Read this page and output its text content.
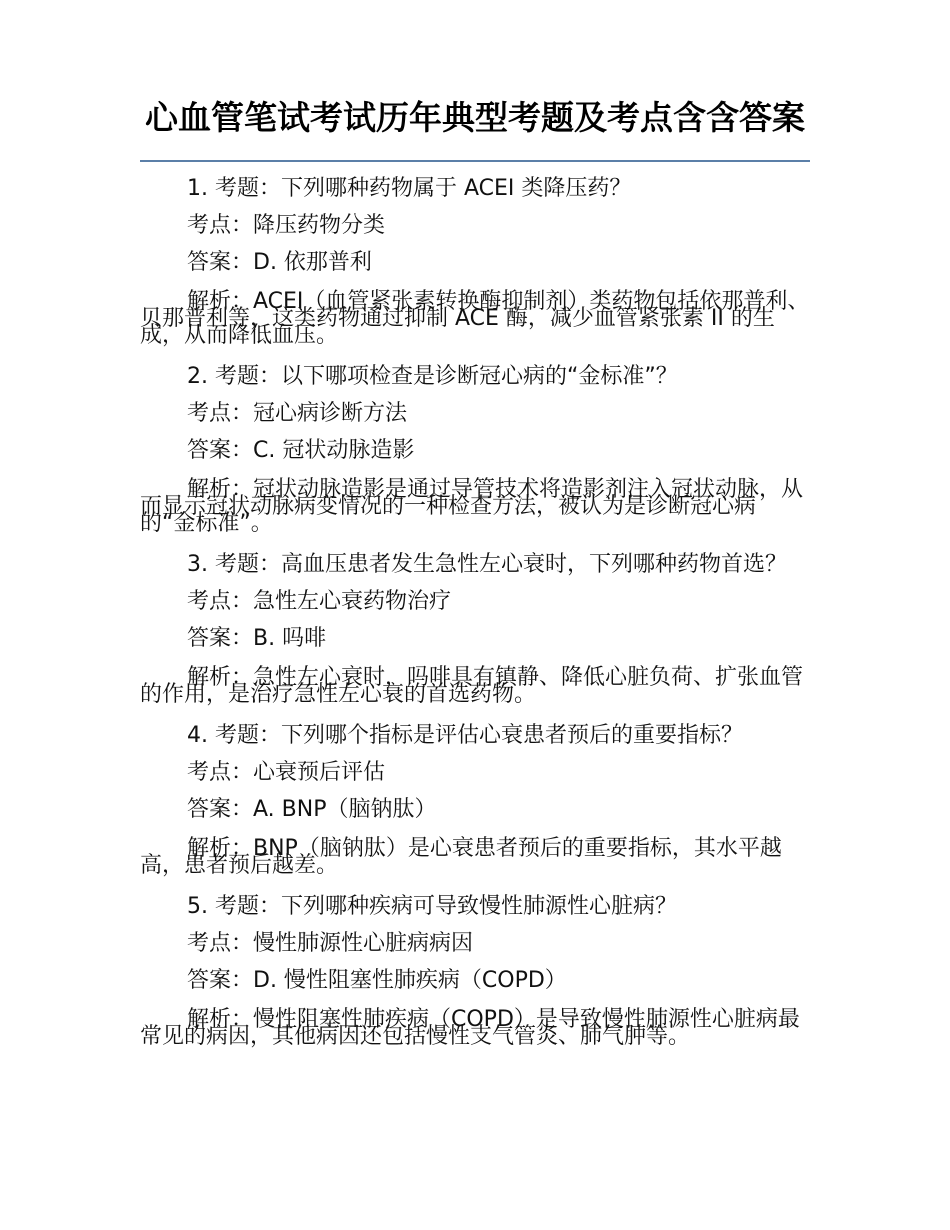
心血管笔试考试历年典型考题及考点含含答案

1. 考题：下列哪种药物属于 ACEI 类降压药？

考点：降压药物分类

答案：D. 依那普利

解析：ACEI（血管紧张素转换酶抑制剂）类药物包括依那普利、贝那普利等，这类药物通过抑制 ACE 酶，减少血管紧张素 II 的生成，从而降低血压。

2. 考题：以下哪项检查是诊断冠心病的“金标准”？

考点：冠心病诊断方法

答案：C. 冠状动脉造影

解析：冠状动脉造影是通过导管技术将造影剂注入冠状动脉，从而显示冠状动脉病变情况的一种检查方法，被认为是诊断冠心病的“金标准”。

3. 考题：高血压患者发生急性左心衰时，下列哪种药物首选？

考点：急性左心衰药物治疗

答案：B. 吗啡

解析：急性左心衰时，吗啡具有镇静、降低心脏负荷、扩张血管的作用，是治疗急性左心衰的首选药物。

4. 考题：下列哪个指标是评估心衰患者预后的重要指标？

考点：心衰预后评估

答案：A. BNP（脑钠肽）

解析：BNP（脑钠肽）是心衰患者预后的重要指标，其水平越高，患者预后越差。

5. 考题：下列哪种疾病可导致慢性肺源性心脏病？

考点：慢性肺源性心脏病病因

答案：D. 慢性阻塞性肺疾病（COPD）

解析：慢性阻塞性肺疾病（COPD）是导致慢性肺源性心脏病最常见的病因，其他病因还包括慢性支气管炎、肺气肿等。
